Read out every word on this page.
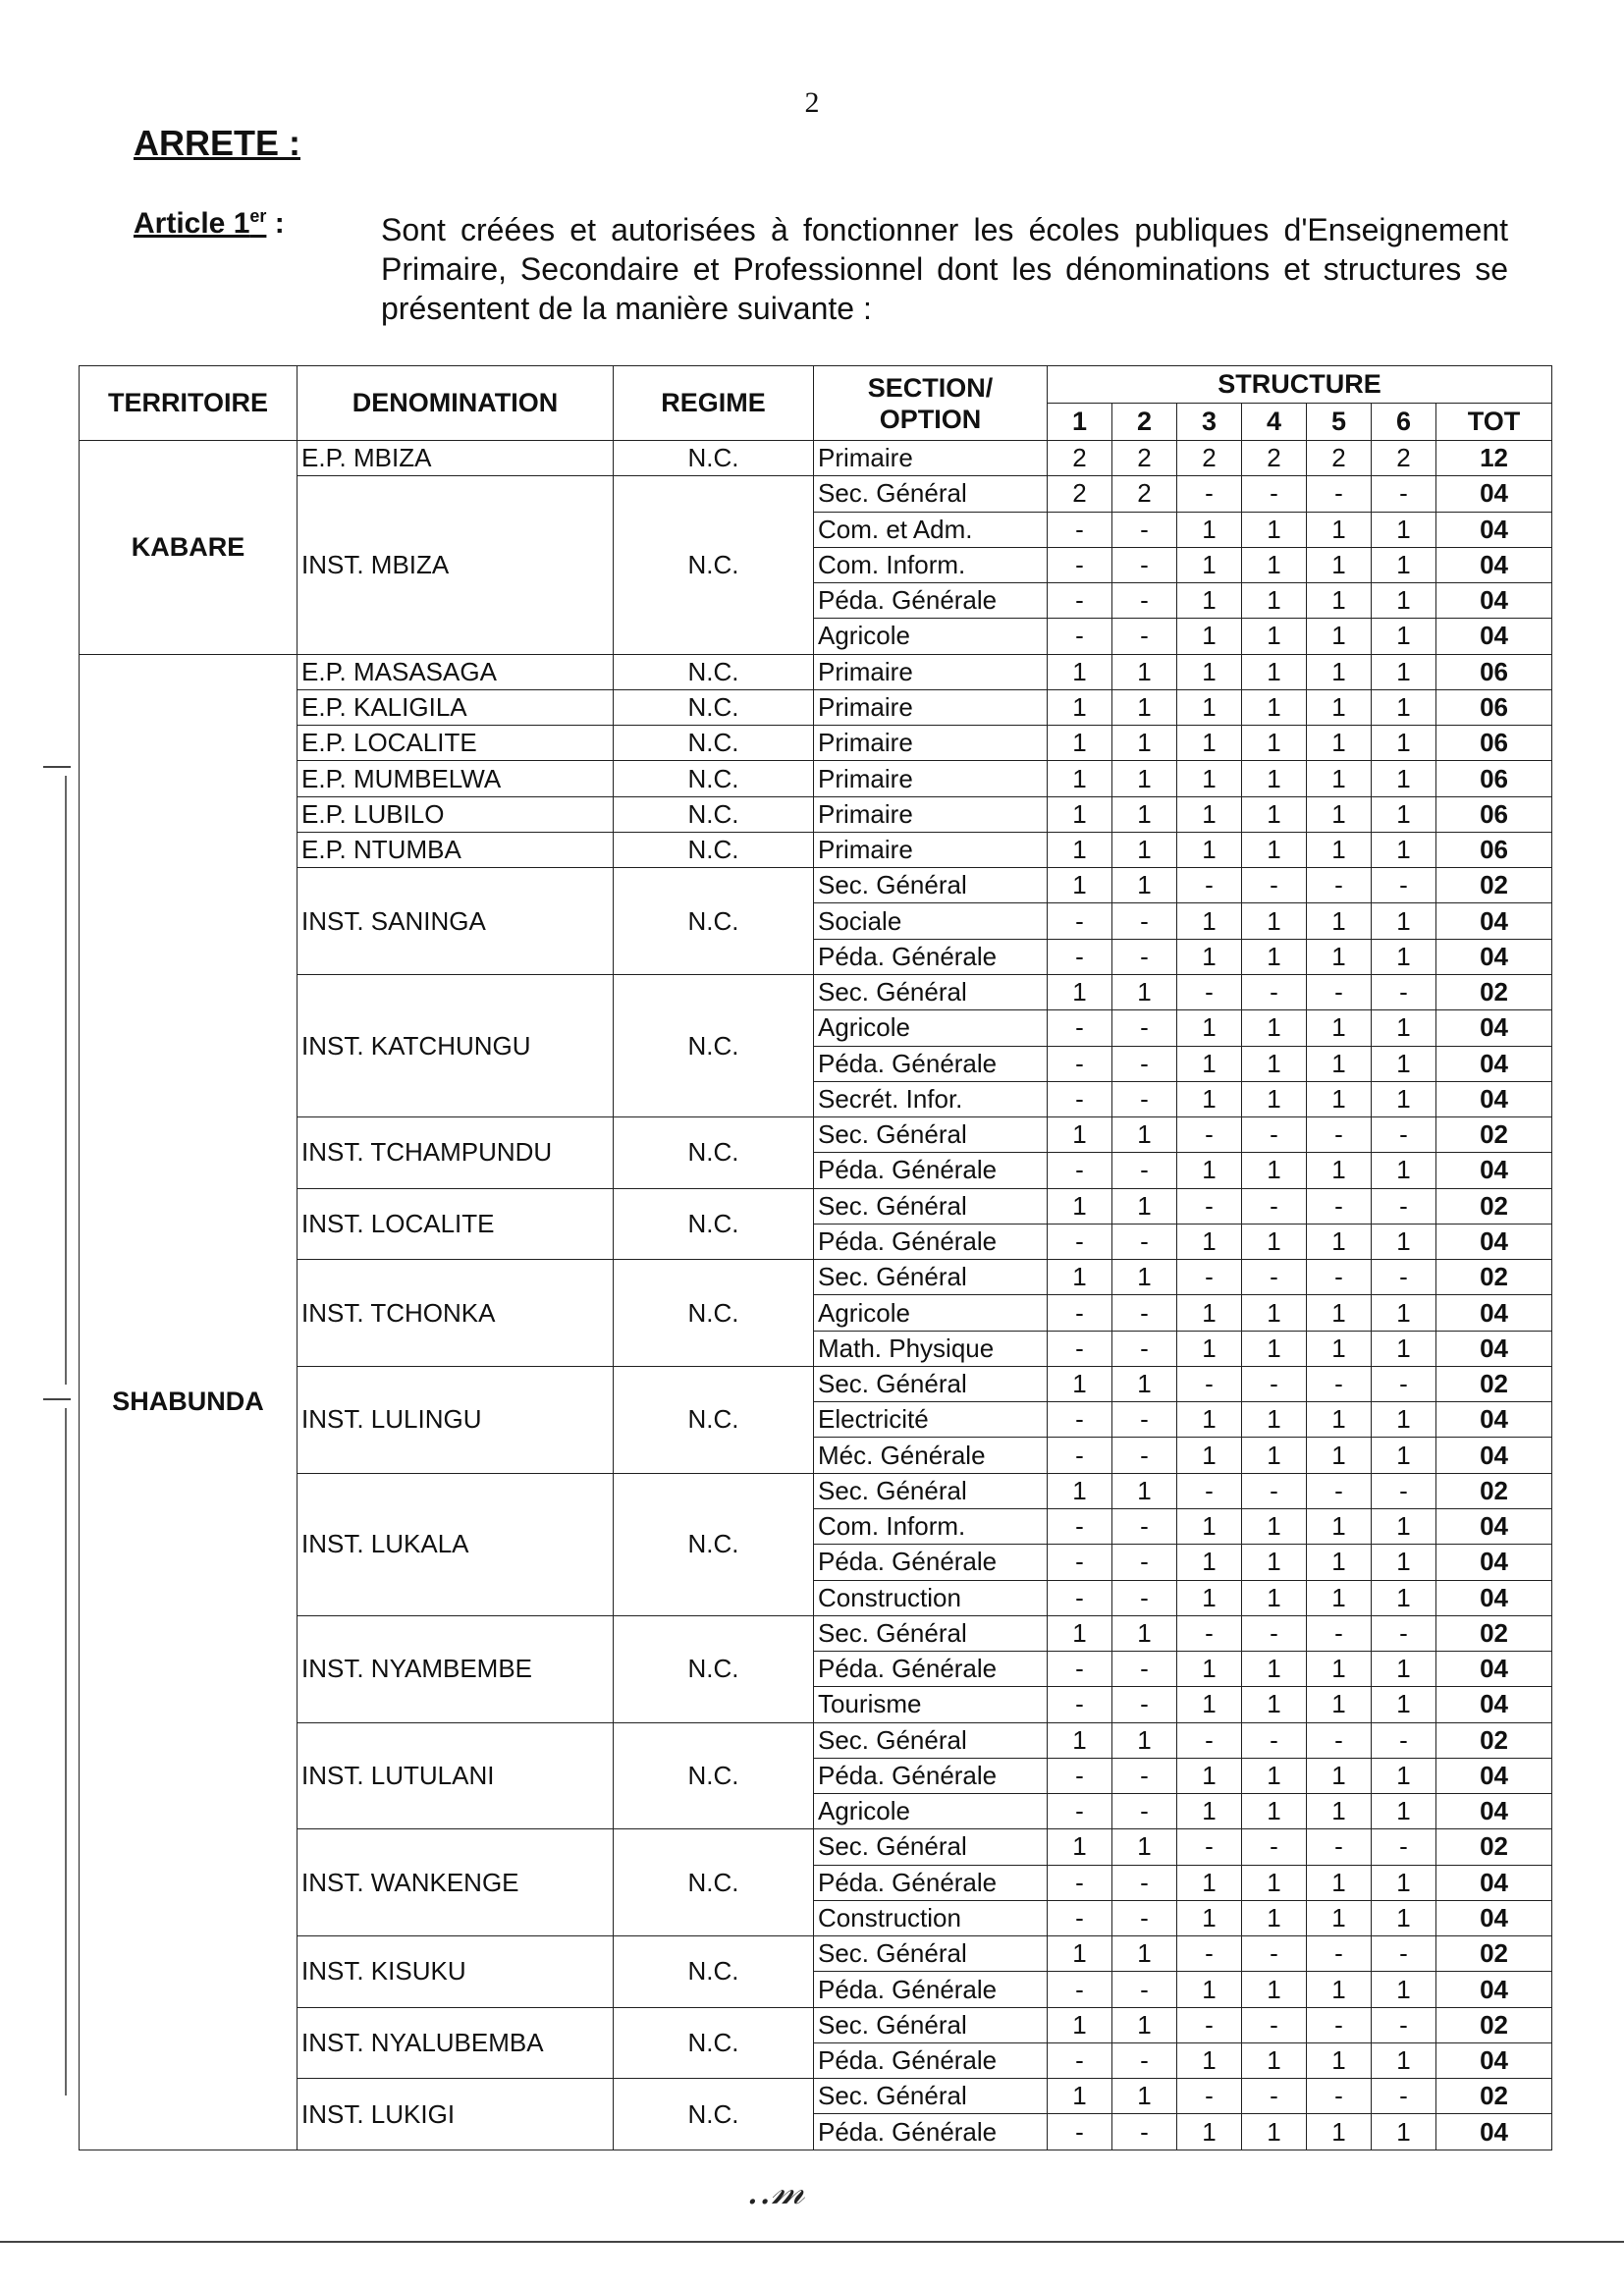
2
ARRETE :
Article 1er :	Sont créées et autorisées à fonctionner les écoles publiques d'Enseignement Primaire, Secondaire et Professionnel dont les dénominations et structures se présentent de la manière suivante :
TERRITOIRE	DENOMINATION	REGIME	SECTION/ OPTION	STRUCTURE						
				1	2	3	4	5	6	TOT
KABARE	E.P. MBIZA	N.C.	Primaire	2	2	2	2	2	2	12
	INST. MBIZA	N.C.	Sec. Général	2	2	-	-	-	-	04
			Com. et Adm.	-	-	1	1	1	1	04
			Com. Inform.	-	-	1	1	1	1	04
			Péda. Générale	-	-	1	1	1	1	04
			Agricole	-	-	1	1	1	1	04
SHABUNDA	E.P. MASASAGA	N.C.	Primaire	1	1	1	1	1	1	06
	E.P. KALIGILA	N.C.	Primaire	1	1	1	1	1	1	06
	E.P. LOCALITE	N.C.	Primaire	1	1	1	1	1	1	06
	E.P. MUMBELWA	N.C.	Primaire	1	1	1	1	1	1	06
	E.P. LUBILO	N.C.	Primaire	1	1	1	1	1	1	06
	E.P. NTUMBA	N.C.	Primaire	1	1	1	1	1	1	06
	INST. SANINGA	N.C.	Sec. Général	1	1	-	-	-	-	02
			Sociale	-	-	1	1	1	1	04
			Péda. Générale	-	-	1	1	1	1	04
	INST. KATCHUNGU	N.C.	Sec. Général	1	1	-	-	-	-	02
			Agricole	-	-	1	1	1	1	04
			Péda. Générale	-	-	1	1	1	1	04
			Secrét. Infor.	-	-	1	1	1	1	04
	INST. TCHAMPUNDU	N.C.	Sec. Général	1	1	-	-	-	-	02
			Péda. Générale	-	-	1	1	1	1	04
	INST. LOCALITE	N.C.	Sec. Général	1	1	-	-	-	-	02
			Péda. Générale	-	-	1	1	1	1	04
	INST. TCHONKA	N.C.	Sec. Général	1	1	-	-	-	-	02
			Agricole	-	-	1	1	1	1	04
			Math. Physique	-	-	1	1	1	1	04
	INST. LULINGU	N.C.	Sec. Général	1	1	-	-	-	-	02
			Electricité	-	-	1	1	1	1	04
			Méc. Générale	-	-	1	1	1	1	04
	INST. LUKALA	N.C.	Sec. Général	1	1	-	-	-	-	02
			Com. Inform.	-	-	1	1	1	1	04
			Péda. Générale	-	-	1	1	1	1	04
			Construction	-	-	1	1	1	1	04
	INST. NYAMBEMBE	N.C.	Sec. Général	1	1	-	-	-	-	02
			Péda. Générale	-	-	1	1	1	1	04
			Tourisme	-	-	1	1	1	1	04
	INST. LUTULANI	N.C.	Sec. Général	1	1	-	-	-	-	02
			Péda. Générale	-	-	1	1	1	1	04
			Agricole	-	-	1	1	1	1	04
	INST. WANKENGE	N.C.	Sec. Général	1	1	-	-	-	-	02
			Péda. Générale	-	-	1	1	1	1	04
			Construction	-	-	1	1	1	1	04
	INST. KISUKU	N.C.	Sec. Général	1	1	-	-	-	-	02
			Péda. Générale	-	-	1	1	1	1	04
	INST. NYALUBEMBA	N.C.	Sec. Général	1	1	-	-	-	-	02
			Péda. Générale	-	-	1	1	1	1	04
	INST. LUKIGI	N.C.	Sec. Général	1	1	-	-	-	-	02
			Péda. Générale	-	-	1	1	1	1	04
..𝓂
